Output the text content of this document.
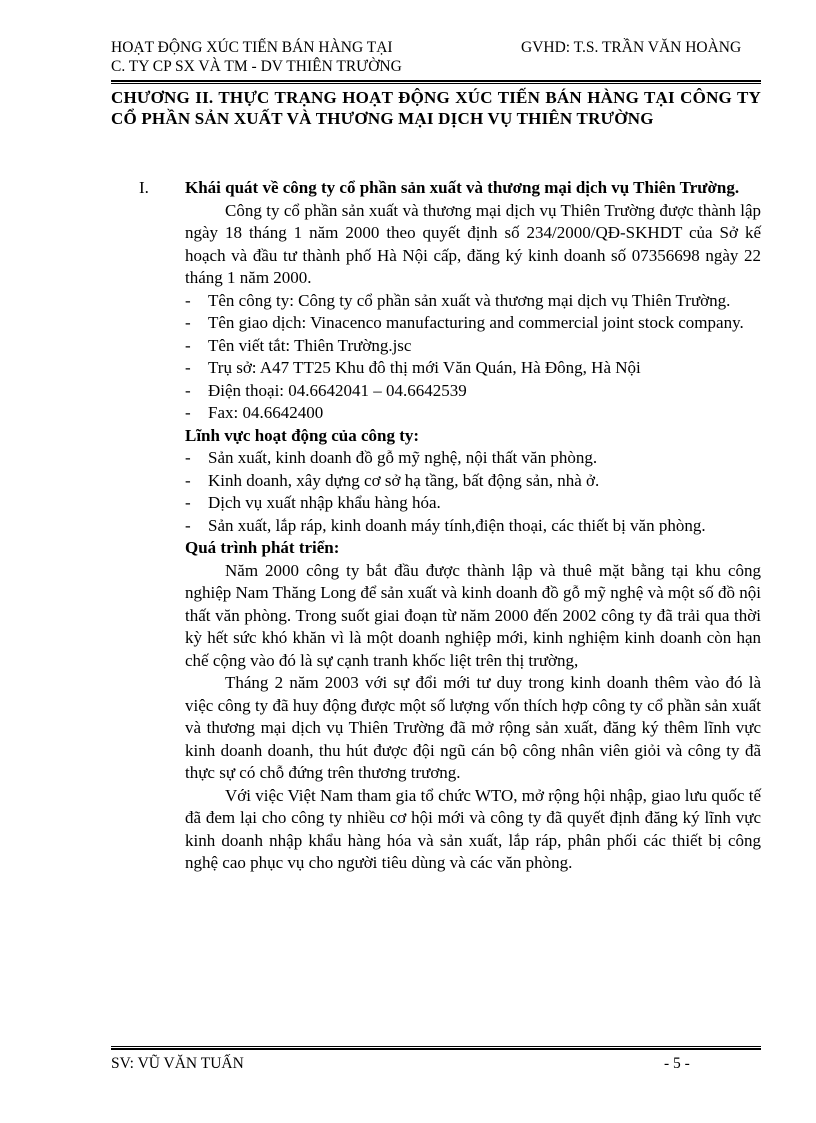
HOẠT ĐỘNG XÚC TIẾN BÁN HÀNG TẠI
C. TY CP SX VÀ TM - DV THIÊN TRƯỜNG
GVHD: T.S. TRẦN VĂN HOÀNG
CHƯƠNG II. THỰC TRẠNG HOẠT ĐỘNG XÚC TIẾN BÁN HÀNG TẠI CÔNG TY CỔ PHẦN SẢN XUẤT VÀ THƯƠNG MẠI DỊCH VỤ THIÊN TRƯỜNG
I. Khái quát về công ty cổ phần sản xuất và thương mại dịch vụ Thiên Trường.

Công ty cổ phần sản xuất và thương mại dịch vụ Thiên Trường được thành lập ngày 18 tháng 1 năm 2000 theo quyết định số 234/2000/QĐ-SKHDT của Sở kế hoạch và đầu tư thành phố Hà Nội cấp, đăng ký kinh doanh số 07356698 ngày 22 tháng 1 năm 2000.

- Tên công ty: Công ty cổ phần sản xuất và thương mại dịch vụ Thiên Trường.
- Tên giao dịch: Vinacenco manufacturing and commercial joint stock company.
- Tên viết tắt: Thiên Trường.jsc
- Trụ sở: A47 TT25 Khu đô thị mới Văn Quán, Hà Đông, Hà Nội
- Điện thoại: 04.6642041 – 04.6642539
- Fax: 04.6642400
Lĩnh vực hoạt động của công ty:
- Sản xuất, kinh doanh đồ gỗ mỹ nghệ, nội thất văn phòng.
- Kinh doanh, xây dựng cơ sở hạ tầng, bất động sản, nhà ở.
- Dịch vụ xuất nhập khẩu hàng hóa.
- Sản xuất, lắp ráp, kinh doanh máy tính,điện thoại, các thiết bị văn phòng.
Quá trình phát triển:

Năm 2000 công ty bắt đầu được thành lập và thuê mặt bằng tại khu công nghiệp Nam Thăng Long để sản xuất và kinh doanh đồ gỗ mỹ nghệ và một số đồ nội thất văn phòng. Trong suốt giai đoạn từ năm 2000 đến 2002 công ty đã trải qua thời kỳ hết sức khó khăn vì là một doanh nghiệp mới, kinh nghiệm kinh doanh còn hạn chế cộng vào đó là sự cạnh tranh khốc liệt trên thị trường,

Tháng 2 năm 2003 với sự đổi mới tư duy trong kinh doanh thêm vào đó là việc công ty đã huy động được một số lượng vốn thích hợp công ty cổ phần sản xuất và thương mại dịch vụ Thiên Trường đã mở rộng sản xuất, đăng ký thêm lĩnh vực kinh doanh doanh, thu hút được đội ngũ cán bộ công nhân viên giỏi và công ty đã thực sự có chỗ đứng trên thương trương.

Với việc Việt Nam tham gia tổ chức WTO, mở rộng hội nhập, giao lưu quốc tế đã đem lại cho công ty nhiều cơ hội mới và công ty đã quyết định đăng ký lĩnh vực kinh doanh nhập khẩu hàng hóa và sản xuất, lắp ráp, phân phối các thiết bị công nghệ cao phục vụ cho người tiêu dùng và các văn phòng.

SV: VŨ VĂN TUẤN	- 5 -
